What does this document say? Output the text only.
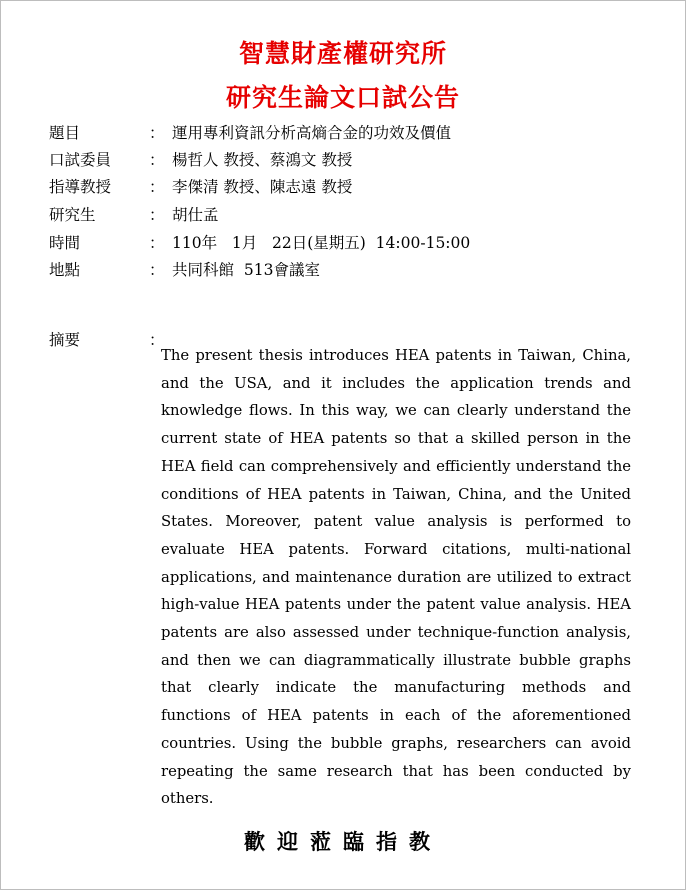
智慧財產權研究所
研究生論文口試公告
題目	： 運用專利資訊分析高熵合金的功效及價值
口試委員	： 楊哲人 教授、蔡鴻文 教授
指導教授	： 李傑清 教授、陳志遠 教授
研究生	： 胡仕孟
時間	： 110年   1月   22日(星期五)  14:00-15:00
地點	： 共同科館  513會議室
摘要	：
The present thesis introduces HEA patents in Taiwan, China, and the USA, and it includes the application trends and knowledge flows. In this way, we can clearly understand the current state of HEA patents so that a skilled person in the HEA field can comprehensively and efficiently understand the conditions of HEA patents in Taiwan, China, and the United States. Moreover, patent value analysis is performed to evaluate HEA patents. Forward citations, multi-national applications, and maintenance duration are utilized to extract high-value HEA patents under the patent value analysis. HEA patents are also assessed under technique-function analysis, and then we can diagrammatically illustrate bubble graphs that clearly indicate the manufacturing methods and functions of HEA patents in each of the aforementioned countries. Using the bubble graphs, researchers can avoid repeating the same research that has been conducted by others.
歡迎蒞臨指教
